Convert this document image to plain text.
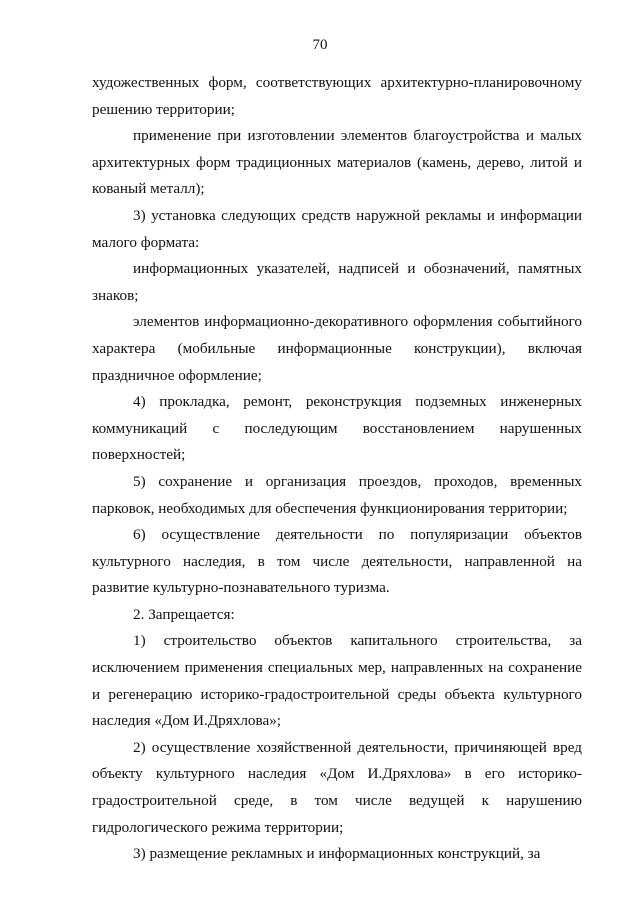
70

художественных форм, соответствующих архитектурно-планировочному решению территории;

применение при изготовлении элементов благоустройства и малых архитектурных форм традиционных материалов (камень, дерево, литой и кованый металл);

3) установка следующих средств наружной рекламы и информации малого формата:

информационных указателей, надписей и обозначений, памятных знаков;

элементов информационно-декоративного оформления событийного характера (мобильные информационные конструкции), включая праздничное оформление;

4) прокладка, ремонт, реконструкция подземных инженерных коммуникаций с последующим восстановлением нарушенных поверхностей;

5) сохранение и организация проездов, проходов, временных парковок, необходимых для обеспечения функционирования территории;

6) осуществление деятельности по популяризации объектов культурного наследия, в том числе деятельности, направленной на развитие культурно-познавательного туризма.

2. Запрещается:

1) строительство объектов капитального строительства, за исключением применения специальных мер, направленных на сохранение и регенерацию историко-градостроительной среды объекта культурного наследия «Дом И.Дряхлова»;

2) осуществление хозяйственной деятельности, причиняющей вред объекту культурного наследия «Дом И.Дряхлова» в его историко-градостроительной среде, в том числе ведущей к нарушению гидрологического режима территории;

3) размещение рекламных и информационных конструкций, за
